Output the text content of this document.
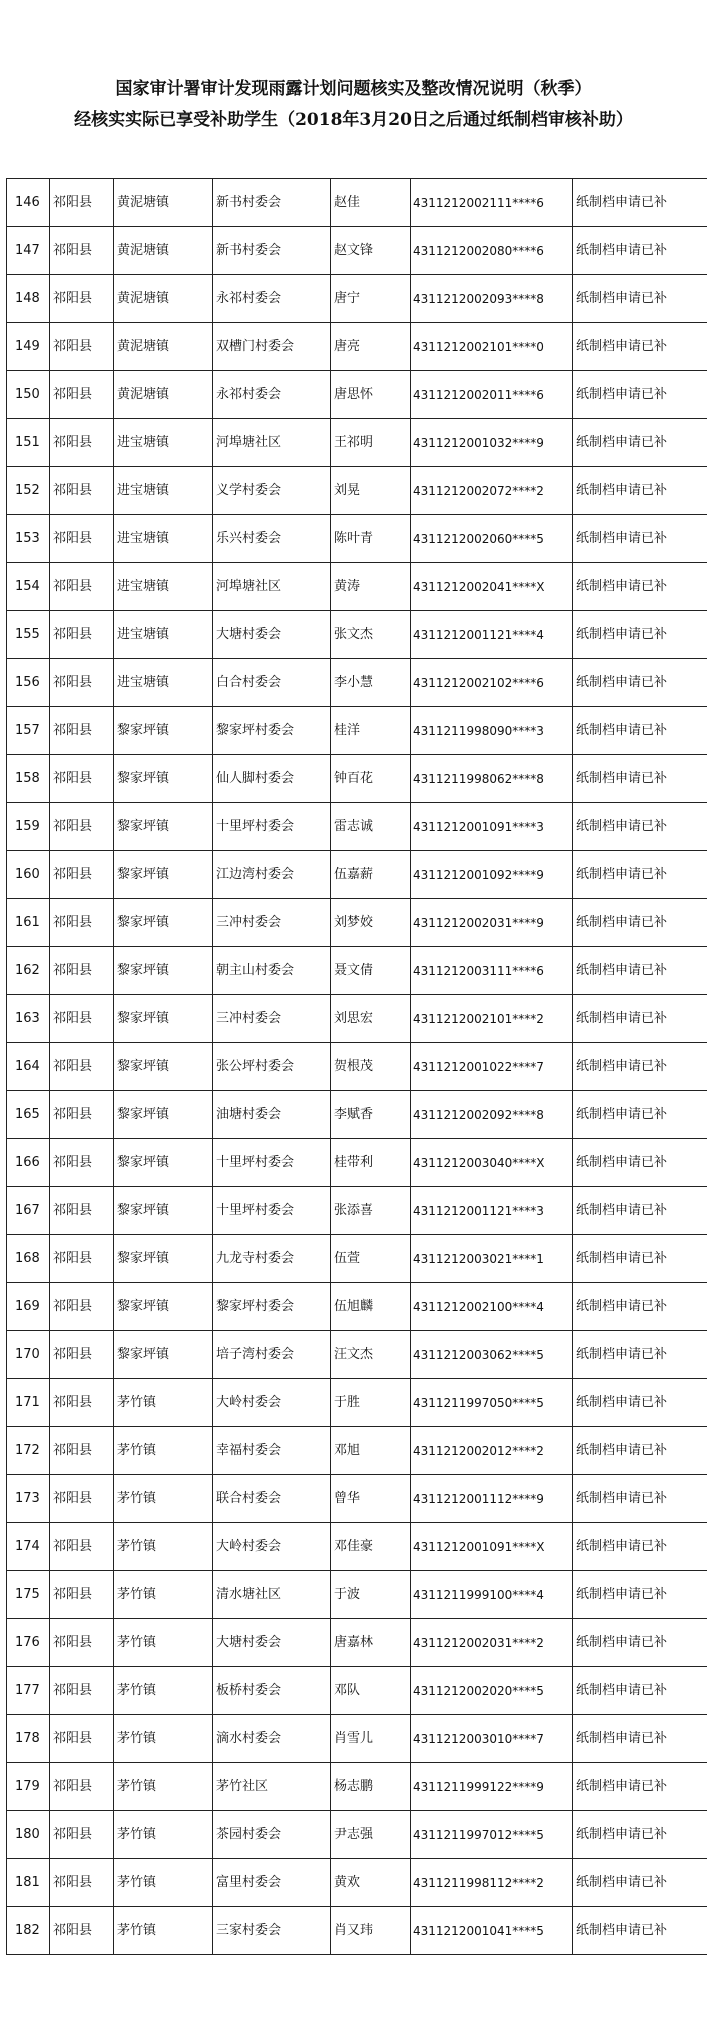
国家审计署审计发现雨露计划问题核实及整改情况说明（秋季）
经核实实际已享受补助学生（2018年3月20日之后通过纸制档审核补助）
146	祁阳县	黄泥塘镇	新书村委会	赵佳	4311212002111****6	纸制档申请已补
147	祁阳县	黄泥塘镇	新书村委会	赵文锋	4311212002080****6	纸制档申请已补
148	祁阳县	黄泥塘镇	永祁村委会	唐宁	4311212002093****8	纸制档申请已补
149	祁阳县	黄泥塘镇	双槽门村委会	唐亮	4311212002101****0	纸制档申请已补
150	祁阳县	黄泥塘镇	永祁村委会	唐思怀	4311212002011****6	纸制档申请已补
151	祁阳县	进宝塘镇	河埠塘社区	王祁明	4311212001032****9	纸制档申请已补
152	祁阳县	进宝塘镇	义学村委会	刘晃	4311212002072****2	纸制档申请已补
153	祁阳县	进宝塘镇	乐兴村委会	陈叶青	4311212002060****5	纸制档申请已补
154	祁阳县	进宝塘镇	河埠塘社区	黄涛	4311212002041****X	纸制档申请已补
155	祁阳县	进宝塘镇	大塘村委会	张文杰	4311212001121****4	纸制档申请已补
156	祁阳县	进宝塘镇	白合村委会	李小慧	4311212002102****6	纸制档申请已补
157	祁阳县	黎家坪镇	黎家坪村委会	桂洋	4311211998090****3	纸制档申请已补
158	祁阳县	黎家坪镇	仙人脚村委会	钟百花	4311211998062****8	纸制档申请已补
159	祁阳县	黎家坪镇	十里坪村委会	雷志诚	4311212001091****3	纸制档申请已补
160	祁阳县	黎家坪镇	江边湾村委会	伍嘉薪	4311212001092****9	纸制档申请已补
161	祁阳县	黎家坪镇	三冲村委会	刘梦姣	4311212002031****9	纸制档申请已补
162	祁阳县	黎家坪镇	朝主山村委会	聂文倩	4311212003111****6	纸制档申请已补
163	祁阳县	黎家坪镇	三冲村委会	刘思宏	4311212002101****2	纸制档申请已补
164	祁阳县	黎家坪镇	张公坪村委会	贺根茂	4311212001022****7	纸制档申请已补
165	祁阳县	黎家坪镇	油塘村委会	李赋香	4311212002092****8	纸制档申请已补
166	祁阳县	黎家坪镇	十里坪村委会	桂带利	4311212003040****X	纸制档申请已补
167	祁阳县	黎家坪镇	十里坪村委会	张添喜	4311212001121****3	纸制档申请已补
168	祁阳县	黎家坪镇	九龙寺村委会	伍萱	4311212003021****1	纸制档申请已补
169	祁阳县	黎家坪镇	黎家坪村委会	伍旭麟	4311212002100****4	纸制档申请已补
170	祁阳县	黎家坪镇	培子湾村委会	汪文杰	4311212003062****5	纸制档申请已补
171	祁阳县	茅竹镇	大岭村委会	于胜	4311211997050****5	纸制档申请已补
172	祁阳县	茅竹镇	幸福村委会	邓旭	4311212002012****2	纸制档申请已补
173	祁阳县	茅竹镇	联合村委会	曾华	4311212001112****9	纸制档申请已补
174	祁阳县	茅竹镇	大岭村委会	邓佳豪	4311212001091****X	纸制档申请已补
175	祁阳县	茅竹镇	清水塘社区	于波	4311211999100****4	纸制档申请已补
176	祁阳县	茅竹镇	大塘村委会	唐嘉林	4311212002031****2	纸制档申请已补
177	祁阳县	茅竹镇	板桥村委会	邓队	4311212002020****5	纸制档申请已补
178	祁阳县	茅竹镇	滴水村委会	肖雪儿	4311212003010****7	纸制档申请已补
179	祁阳县	茅竹镇	茅竹社区	杨志鹏	4311211999122****9	纸制档申请已补
180	祁阳县	茅竹镇	茶园村委会	尹志强	4311211997012****5	纸制档申请已补
181	祁阳县	茅竹镇	富里村委会	黄欢	4311211998112****2	纸制档申请已补
182	祁阳县	茅竹镇	三家村委会	肖又玮	4311212001041****5	纸制档申请已补
